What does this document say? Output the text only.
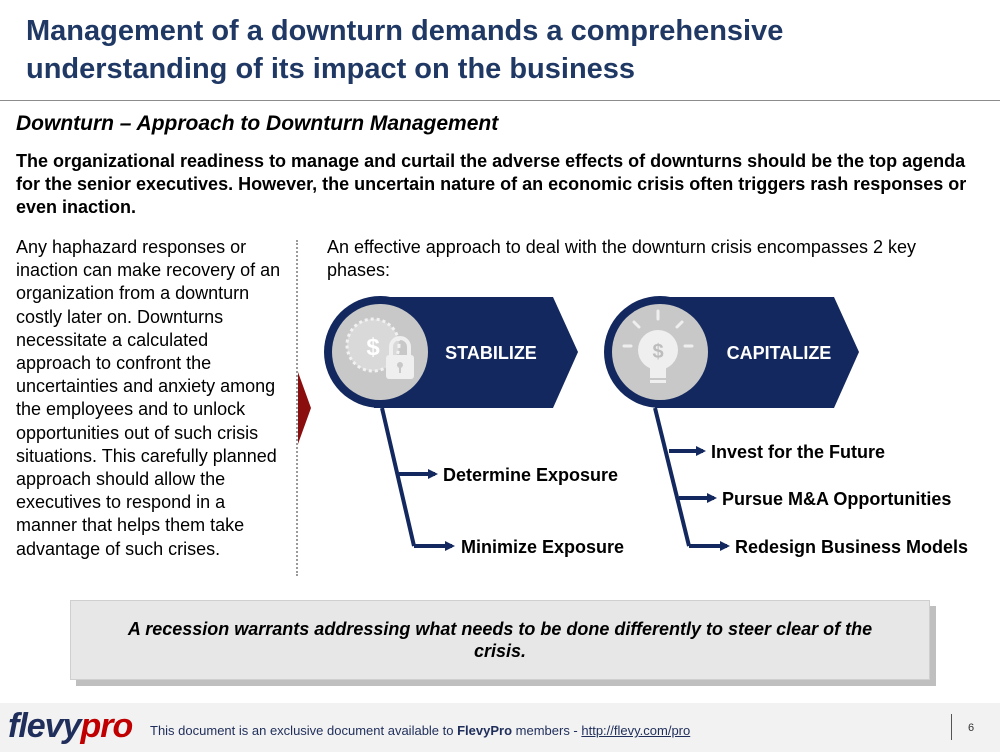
Management of a downturn demands a comprehensive understanding of its impact on the business
Downturn – Approach to Downturn Management
The organizational readiness to manage and curtail the adverse effects of downturns should be the top agenda for the senior executives. However, the uncertain nature of an economic crisis often triggers rash responses or even inaction.
Any haphazard responses or inaction can make recovery of an organization from a downturn costly later on. Downturns necessitate a calculated approach to confront the uncertainties and anxiety among the employees and to unlock opportunities out of such crisis situations. This carefully planned approach should allow the executives to respond in a manner that helps them take advantage of such crises.
An effective approach to deal with the downturn crisis encompasses 2 key phases:
$	STABILIZE
Determine Exposure
Minimize Exposure
$	CAPITALIZE
Invest for the Future
Pursue M&A Opportunities
Redesign Business Models
A recession warrants addressing what needs to be done differently to steer clear of the crisis.
flevypro This document is an exclusive document available to FlevyPro members - http://flevy.com/pro	6
